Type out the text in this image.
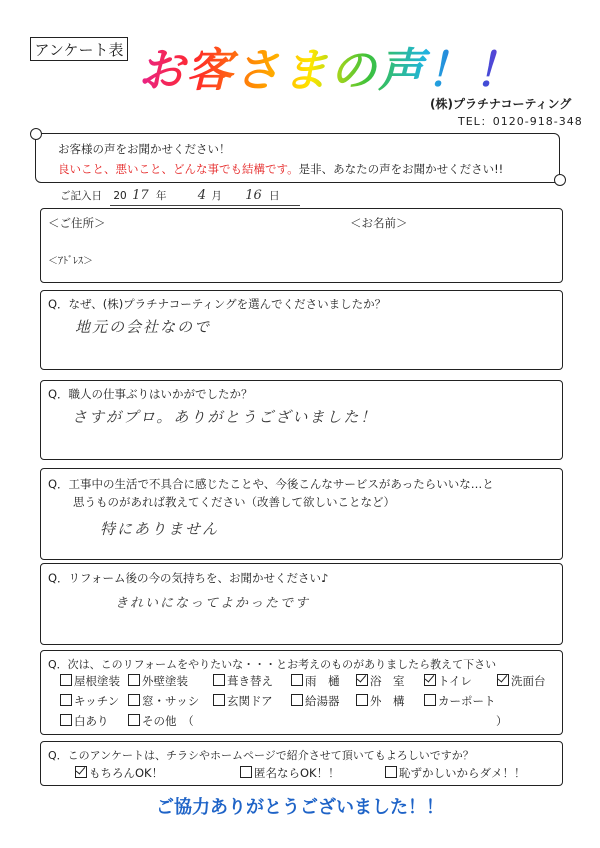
アンケート表 お客さまの声！！
(株)プラチナコーティング
TEL：0120-918-348
お客様の声をお聞かせください！
良いこと、悪いこと、どんな事でも結構です。是非、あなたの声をお聞かせください!!
ご記入日 20 17 年 4 月 16 日
＜ご住所＞	＜お名前＞
＜ｱﾄﾞﾚｽ＞
Q．なぜ、(株)プラチナコーティングを選んでくださいましたか？
地元の会社なので
Q．職人の仕事ぶりはいかがでしたか？
さすがプロ。ありがとうございました！
Q．工事中の生活で不具合に感じたことや、今後こんなサービスがあったらいいな…と
思うものがあれば教えてください（改善して欲しいことなど）
特にありません
Q．リフォーム後の今の気持ちを、お聞かせください♪
きれいになってよかったです
Q．次は、このリフォームをやりたいな・・・とお考えのものがありましたら教えて下さい
屋根塗装	外壁塗装	葺き替え	雨　樋	浴　室	トイレ	洗面台
キッチン	窓・サッシ	玄関ドア	給湯器	外　構	カーポート
白あり	その他　（	）
Q．このアンケートは、チラシやホームページで紹介させて頂いてもよろしいですか？
もちろんOK！	匿名ならOK！！	恥ずかしいからダメ！！
ご協力ありがとうございました！！
